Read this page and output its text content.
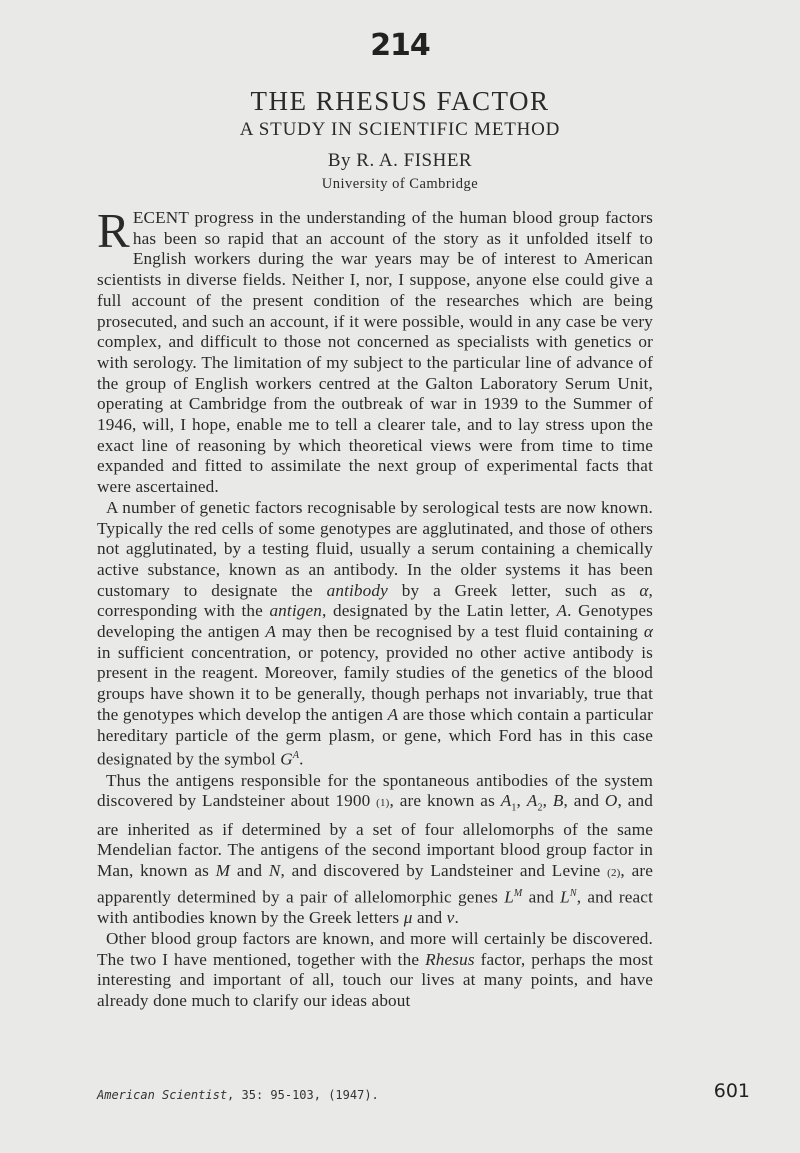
214
THE RHESUS FACTOR
A STUDY IN SCIENTIFIC METHOD
By R. A. FISHER
University of Cambridge

RECENT progress in the understanding of the human blood group factors has been so rapid that an account of the story as it unfolded itself to English workers during the war years may be of interest to American scientists in diverse fields. Neither I, nor, I suppose, anyone else could give a full account of the present condition of the researches which are being prosecuted, and such an account, if it were possible, would in any case be very complex, and difficult to those not concerned as specialists with genetics or with serology. The limitation of my subject to the particular line of advance of the group of English workers centred at the Galton Laboratory Serum Unit, operating at Cambridge from the outbreak of war in 1939 to the Summer of 1946, will, I hope, enable me to tell a clearer tale, and to lay stress upon the exact line of reasoning by which theoretical views were from time to time expanded and fitted to assimilate the next group of experimental facts that were ascertained.

A number of genetic factors recognisable by serological tests are now known. Typically the red cells of some genotypes are agglutinated, and those of others not agglutinated, by a testing fluid, usually a serum containing a chemically active substance, known as an antibody. In the older systems it has been customary to designate the antibody by a Greek letter, such as α, corresponding with the antigen, designated by the Latin letter, A. Genotypes developing the antigen A may then be recognised by a test fluid containing α in sufficient concentration, or potency, provided no other active antibody is present in the reagent. Moreover, family studies of the genetics of the blood groups have shown it to be generally, though perhaps not invariably, true that the genotypes which develop the antigen A are those which contain a particular hereditary particle of the germ plasm, or gene, which Ford has in this case designated by the symbol $G^A$.

Thus the antigens responsible for the spontaneous antibodies of the system discovered by Landsteiner about 1900 (1), are known as $A_1$, $A_2$, B, and O, and are inherited as if determined by a set of four allelomorphs of the same Mendelian factor. The antigens of the second important blood group factor in Man, known as M and N, and discovered by Landsteiner and Levine (2), are apparently determined by a pair of allelomorphic genes $L^M$ and $L^N$, and react with antibodies known by the Greek letters μ and ν.

Other blood group factors are known, and more will certainly be discovered. The two I have mentioned, together with the Rhesus factor, perhaps the most interesting and important of all, touch our lives at many points, and have already done much to clarify our ideas about

American Scientist, 35: 95-103, (1947).	601
